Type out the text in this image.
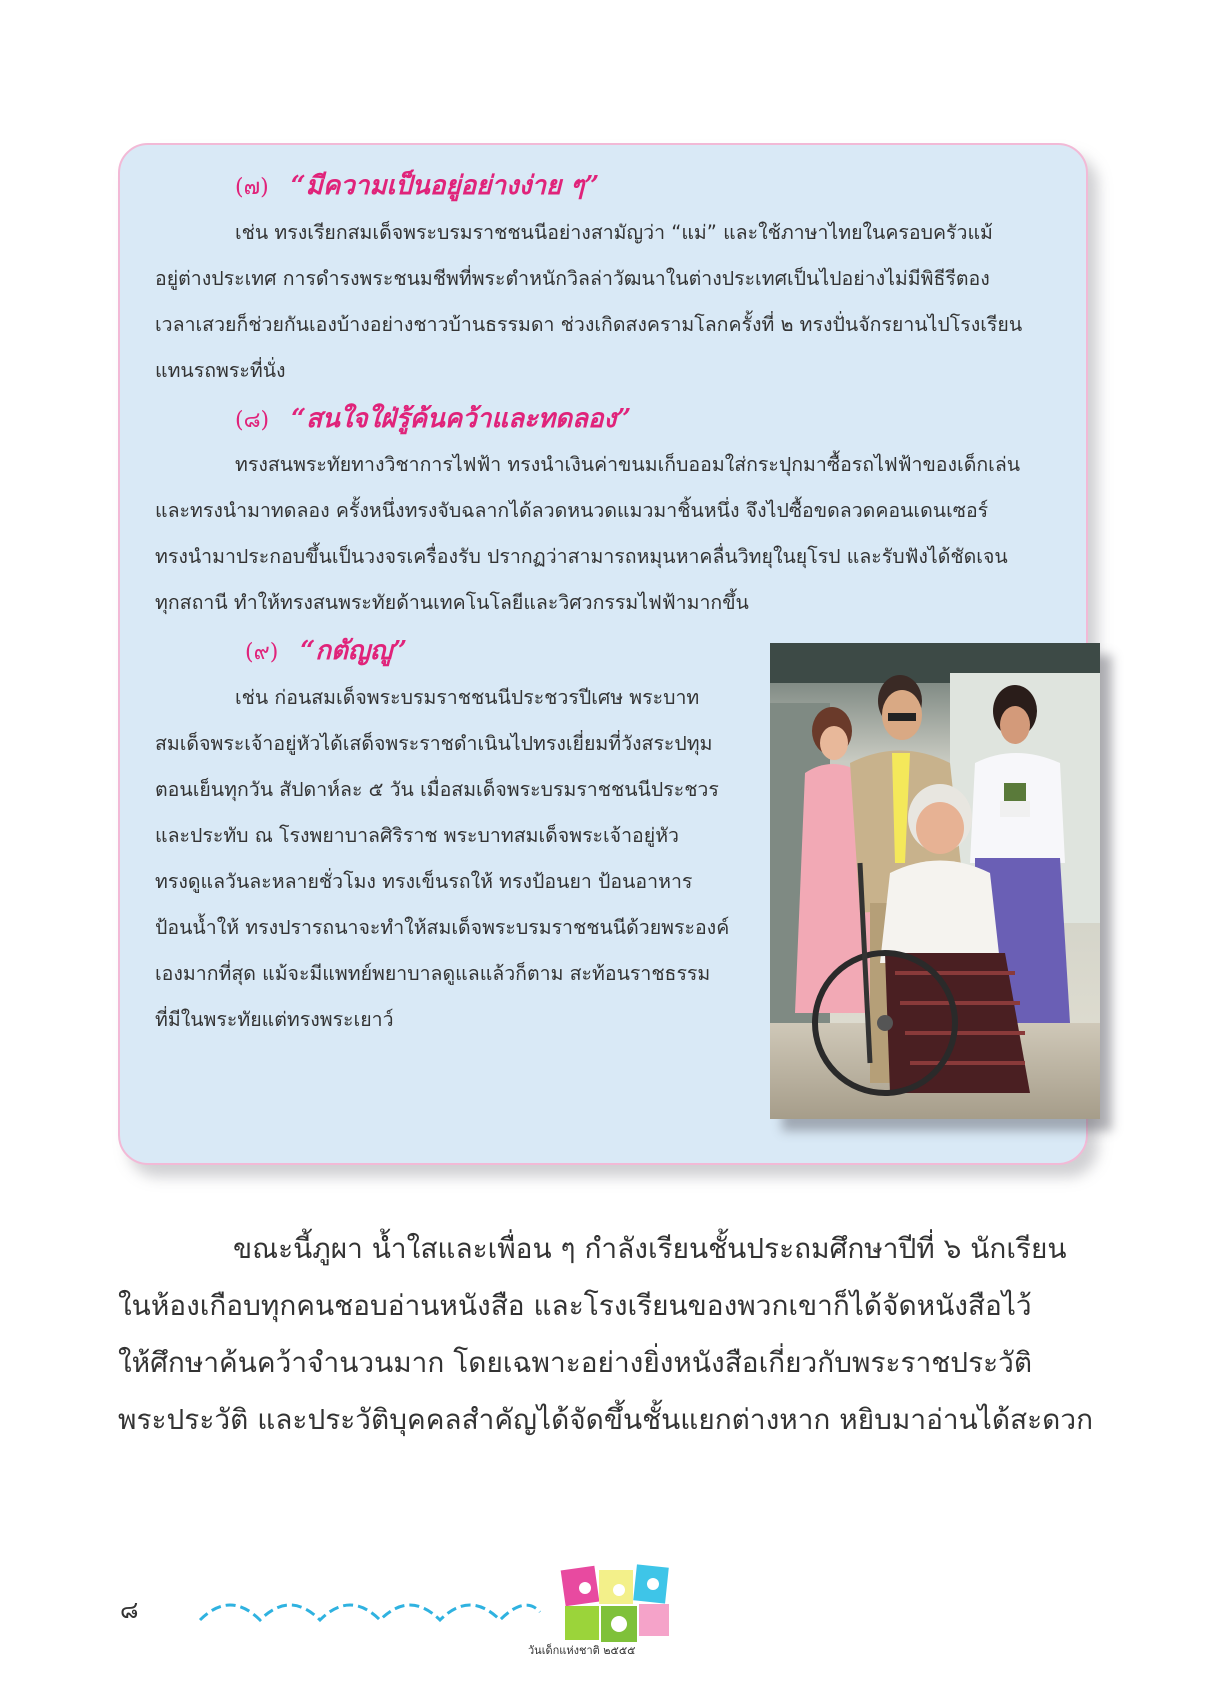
(๗) “มีความเป็นอยู่อย่างง่าย ๆ”
เช่น ทรงเรียกสมเด็จพระบรมราชชนนีอย่างสามัญว่า “แม่” และใช้ภาษาไทยในครอบครัวแม้
อยู่ต่างประเทศ การดำรงพระชนมชีพที่พระตำหนักวิลล่าวัฒนาในต่างประเทศเป็นไปอย่างไม่มีพิธีรีตอง
เวลาเสวยก็ช่วยกันเองบ้างอย่างชาวบ้านธรรมดา ช่วงเกิดสงครามโลกครั้งที่ ๒ ทรงปั่นจักรยานไปโรงเรียน
แทนรถพระที่นั่ง
(๘) “สนใจใฝ่รู้ค้นคว้าและทดลอง”
ทรงสนพระทัยทางวิชาการไฟฟ้า ทรงนำเงินค่าขนมเก็บออมใส่กระปุกมาซื้อรถไฟฟ้าของเด็กเล่น
และทรงนำมาทดลอง ครั้งหนึ่งทรงจับฉลากได้ลวดหนวดแมวมาชิ้นหนึ่ง จึงไปซื้อขดลวดคอนเดนเซอร์
ทรงนำมาประกอบขึ้นเป็นวงจรเครื่องรับ ปรากฏว่าสามารถหมุนหาคลื่นวิทยุในยุโรป และรับฟังได้ชัดเจน
ทุกสถานี ทำให้ทรงสนพระทัยด้านเทคโนโลยีและวิศวกรรมไฟฟ้ามากขึ้น
(๙) “กตัญญู”
เช่น ก่อนสมเด็จพระบรมราชชนนีประชวรปีเศษ พระบาท
สมเด็จพระเจ้าอยู่หัวได้เสด็จพระราชดำเนินไปทรงเยี่ยมที่วังสระปทุม
ตอนเย็นทุกวัน สัปดาห์ละ ๕ วัน เมื่อสมเด็จพระบรมราชชนนีประชวร
และประทับ ณ โรงพยาบาลศิริราช พระบาทสมเด็จพระเจ้าอยู่หัว
ทรงดูแลวันละหลายชั่วโมง ทรงเข็นรถให้ ทรงป้อนยา ป้อนอาหาร
ป้อนน้ำให้ ทรงปรารถนาจะทำให้สมเด็จพระบรมราชชนนีด้วยพระองค์
เองมากที่สุด แม้จะมีแพทย์พยาบาลดูแลแล้วก็ตาม สะท้อนราชธรรม
ที่มีในพระทัยแต่ทรงพระเยาว์
ขณะนี้ภูผา น้ำใสและเพื่อน ๆ กำลังเรียนชั้นประถมศึกษาปีที่ ๖ นักเรียน
ในห้องเกือบทุกคนชอบอ่านหนังสือ และโรงเรียนของพวกเขาก็ได้จัดหนังสือไว้
ให้ศึกษาค้นคว้าจำนวนมาก โดยเฉพาะอย่างยิ่งหนังสือเกี่ยวกับพระราชประวัติ
พระประวัติ และประวัติบุคคลสำคัญได้จัดขึ้นชั้นแยกต่างหาก หยิบมาอ่านได้สะดวก
๘
วันเด็กแห่งชาติ ๒๕๕๕
